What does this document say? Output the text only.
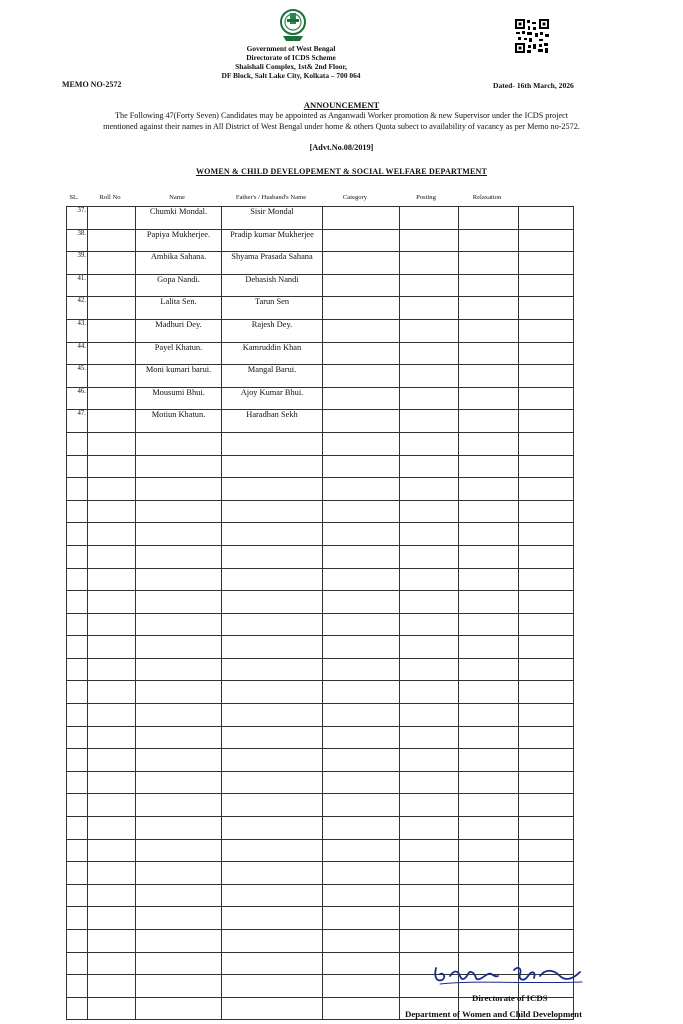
Government of West Bengal
Directorate of ICDS Scheme
Shaishali Complex, 1st& 2nd Floor,
DF Block, Salt Lake City, Kolkata – 700 064
MEMO NO-2572	Dated- 16th March, 2026
ANNOUNCEMENT
The Following 47(Forty Seven) Candidates may be appointed as Anganwadi Worker promotion & new Supervisor under the ICDS project
mentioned against their names in All District of West Bengal under home & others Quota subect to availability of vacancy as per Memo no-2572.
[Advt.No.08/2019]
WOMEN & CHILD DEVELOPEMENT & SOCIAL WELFARE DEPARTMENT
SL.	Roll No	Name	Father's / Husband's Name	Category	Posting	Relaxation
37.		Chumki Mondal.	Sisir Mondal				
38.		Papiya Mukherjee.	Pradip kumar Mukherjee				
39.		Ambika Sahana.	Shyama Prasada Sahana				
41.		Gopa Nandi.	Debasish Nandi				
42.		Lalita Sen.	Tarun Sen				
43.		Madhuri Dey.	Rajesh Dey.				
44.		Payel Khatun.	Kamruddin Khan				
45.		Moni kumari barui.	Mangal Barui.				
46.		Mousumi Bhui.	Ajoy Kumar Bhui.				
47.		Motiun Khatun.	Haradhan Sekh				

Directorate of ICDS
Department of Women and Child Development
